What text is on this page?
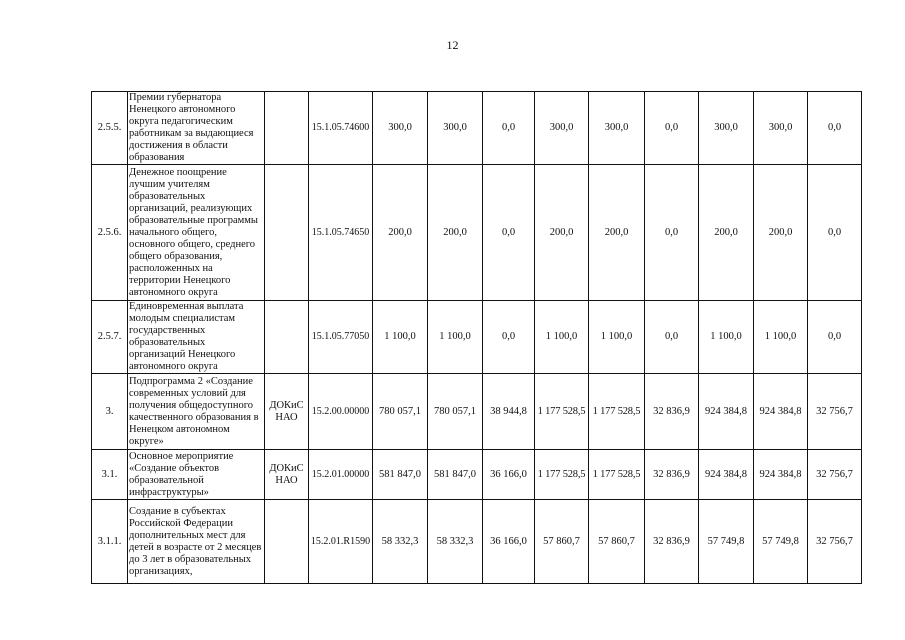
12
2.5.5.	Премии губернатора Ненецкого автономного округа педагогическим работникам за выдающиеся достижения в области образования		15.1.05.74600	300,0	300,0	0,0	300,0	300,0	0,0	300,0	300,0	0,0
2.5.6.	Денежное поощрение лучшим учителям образовательных организаций, реализующих образовательные программы начального общего, основного общего, среднего общего образования, расположенных на территории Ненецкого автономного округа		15.1.05.74650	200,0	200,0	0,0	200,0	200,0	0,0	200,0	200,0	0,0
2.5.7.	Единовременная выплата молодым специалистам государственных образовательных организаций Ненецкого автономного округа		15.1.05.77050	1 100,0	1 100,0	0,0	1 100,0	1 100,0	0,0	1 100,0	1 100,0	0,0
3.	Подпрограмма 2 «Создание современных условий для получения общедоступного качественного образования в Ненецком автономном округе»	ДОКиС НАО	15.2.00.00000	780 057,1	780 057,1	38 944,8	1 177 528,5	1 177 528,5	32 836,9	924 384,8	924 384,8	32 756,7
3.1.	Основное мероприятие «Создание объектов образовательной инфраструктуры»	ДОКиС НАО	15.2.01.00000	581 847,0	581 847,0	36 166,0	1 177 528,5	1 177 528,5	32 836,9	924 384,8	924 384,8	32 756,7
3.1.1.	Создание в субъектах Российской Федерации дополнительных мест для детей в возрасте от 2 месяцев до 3 лет в образовательных организациях,		15.2.01.R1590	58 332,3	58 332,3	36 166,0	57 860,7	57 860,7	32 836,9	57 749,8	57 749,8	32 756,7
